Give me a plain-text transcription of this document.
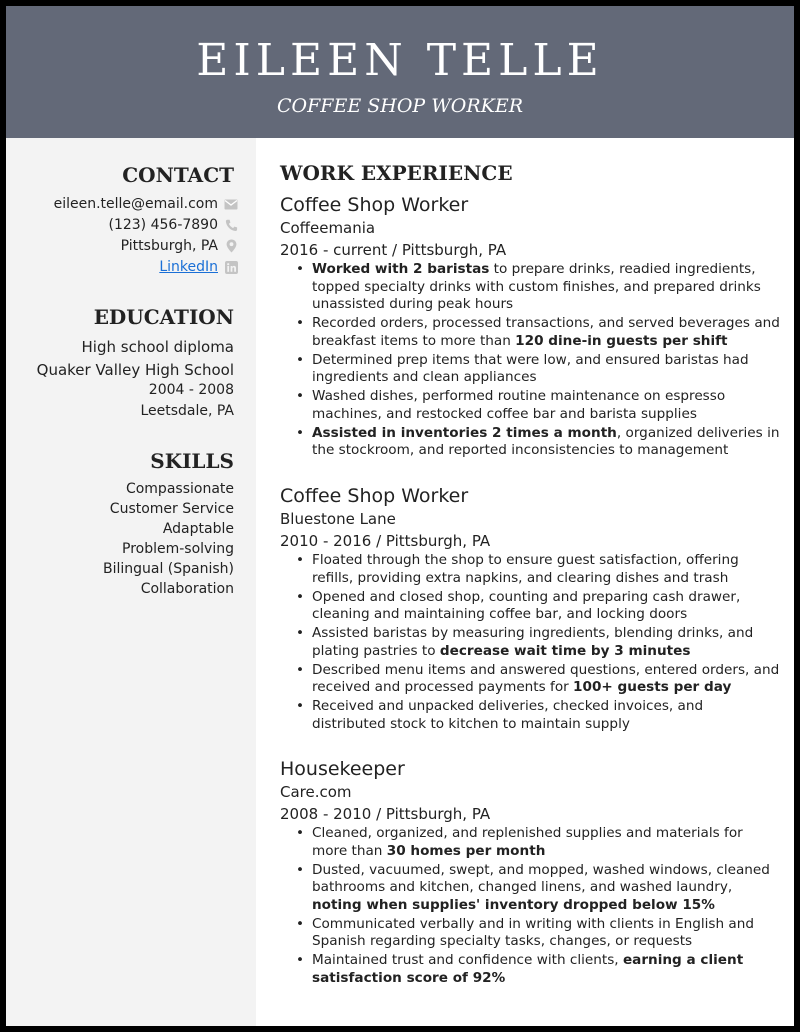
EILEEN TELLE
COFFEE SHOP WORKER
CONTACT
eileen.telle@email.com
(123) 456-7890
Pittsburgh, PA
LinkedIn
EDUCATION
High school diploma
Quaker Valley High School
2004 - 2008
Leetsdale, PA
SKILLS
Compassionate
Customer Service
Adaptable
Problem-solving
Bilingual (Spanish)
Collaboration
WORK EXPERIENCE
Coffee Shop Worker
Coffeemania
2016 - current / Pittsburgh, PA
• Worked with 2 baristas to prepare drinks, readied ingredients, topped specialty drinks with custom finishes, and prepared drinks unassisted during peak hours
• Recorded orders, processed transactions, and served beverages and breakfast items to more than 120 dine-in guests per shift
• Determined prep items that were low, and ensured baristas had ingredients and clean appliances
• Washed dishes, performed routine maintenance on espresso machines, and restocked coffee bar and barista supplies
• Assisted in inventories 2 times a month, organized deliveries in the stockroom, and reported inconsistencies to management
Coffee Shop Worker
Bluestone Lane
2010 - 2016 / Pittsburgh, PA
• Floated through the shop to ensure guest satisfaction, offering refills, providing extra napkins, and clearing dishes and trash
• Opened and closed shop, counting and preparing cash drawer, cleaning and maintaining coffee bar, and locking doors
• Assisted baristas by measuring ingredients, blending drinks, and plating pastries to decrease wait time by 3 minutes
• Described menu items and answered questions, entered orders, and received and processed payments for 100+ guests per day
• Received and unpacked deliveries, checked invoices, and distributed stock to kitchen to maintain supply
Housekeeper
Care.com
2008 - 2010 / Pittsburgh, PA
• Cleaned, organized, and replenished supplies and materials for more than 30 homes per month
• Dusted, vacuumed, swept, and mopped, washed windows, cleaned bathrooms and kitchen, changed linens, and washed laundry, noting when supplies' inventory dropped below 15%
• Communicated verbally and in writing with clients in English and Spanish regarding specialty tasks, changes, or requests
• Maintained trust and confidence with clients, earning a client satisfaction score of 92%
